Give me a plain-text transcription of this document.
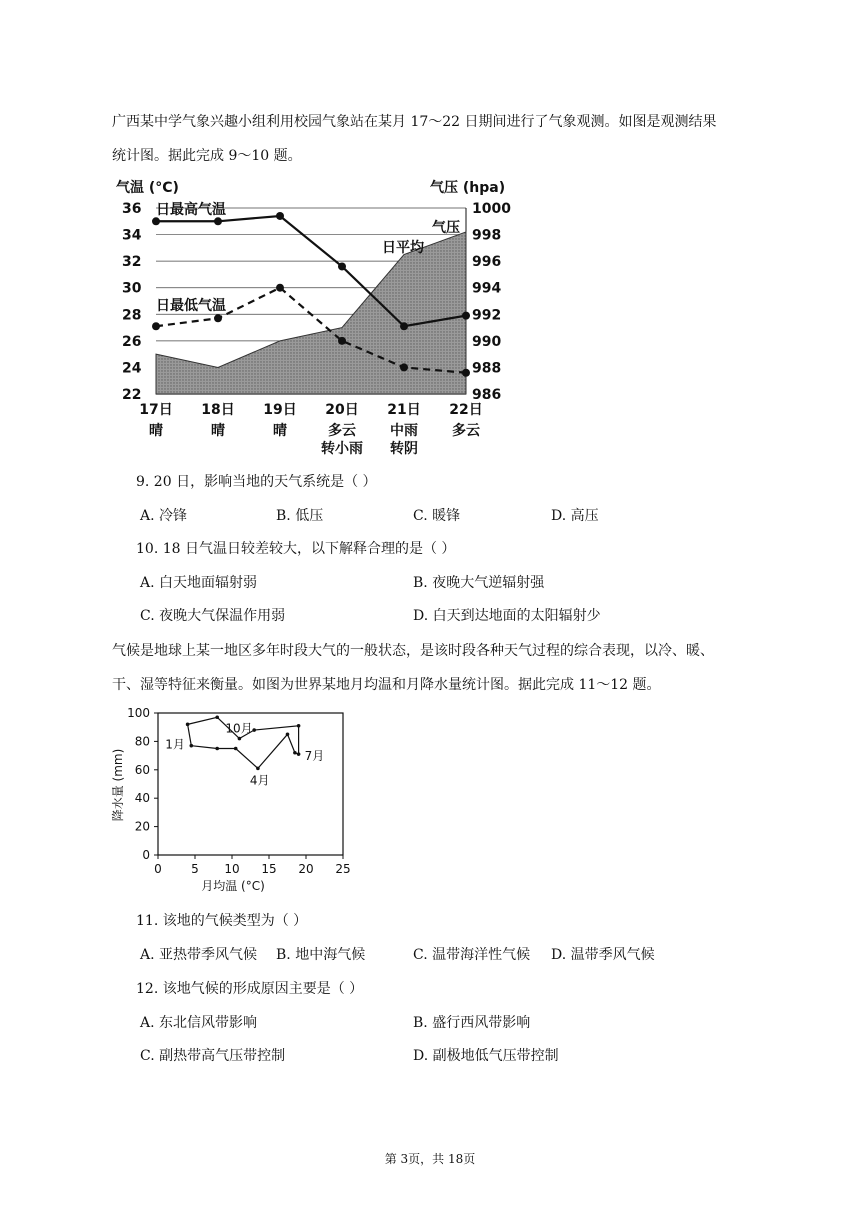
广西某中学气象兴趣小组利用校园气象站在某月 17～22 日期间进行了气象观测。如图是观测结果
统计图。据此完成 9～10 题。
36
34
32
30
28
26
24
22
1000
998
996
994
992
990
988
986
气温 (°C)	气压 (hpa)
日最高气温
日最低气温
日平均
气压
17日
晴
18日
晴
19日
晴
20日
多云
转小雨
21日
中雨
转阴
22日
多云
9. 20 日，影响当地的天气系统是（ ）
A. 冷锋	B. 低压	C. 暖锋	D. 高压
10. 18 日气温日较差较大，以下解释合理的是（ ）
A. 白天地面辐射弱	B. 夜晚大气逆辐射强
C. 夜晚大气保温作用弱	D. 白天到达地面的太阳辐射少
气候是地球上某一地区多年时段大气的一般状态，是该时段各种天气过程的综合表现，以冷、暖、
干、湿等特征来衡量。如图为世界某地月均温和月降水量统计图。据此完成 11～12 题。
0
20
40
60
80
100
0 5 10 15 20 25
月均温 (°C)
降水量 (mm)
1月
4月
7月
10月
11. 该地的气候类型为（ ）
A. 亚热带季风气候 B. 地中海气候	C. 温带海洋性气候 D. 温带季风气候
12. 该地气候的形成原因主要是（ ）
A. 东北信风带影响	B. 盛行西风带影响
C. 副热带高气压带控制	D. 副极地低气压带控制
第 3页，共 18页
